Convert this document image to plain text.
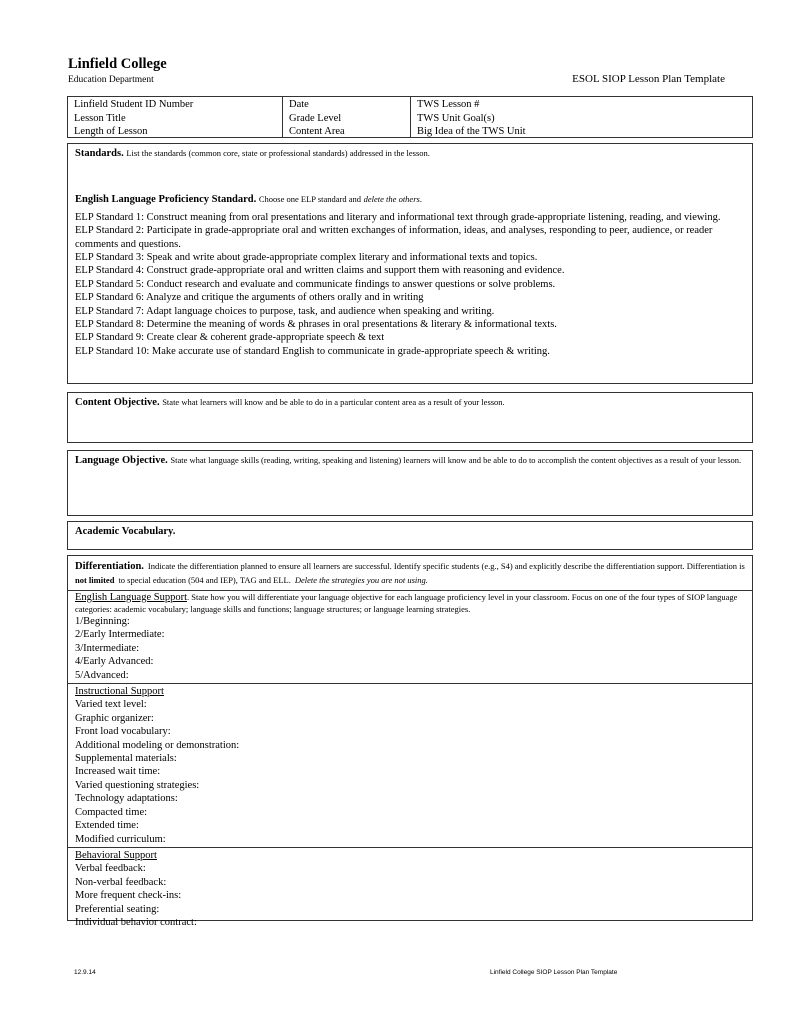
Linfield College
Education Department	ESOL SIOP Lesson Plan Template
Linfield Student ID Number
Lesson Title
Length of Lesson
Date
Grade Level
Content Area
TWS Lesson #
TWS Unit Goal(s)
Big Idea of the TWS Unit
Standards. List the standards (common core, state or professional standards) addressed in the lesson.
English Language Proficiency Standard. Choose one ELP standard and delete the others.
ELP Standard 1: Construct meaning from oral presentations and literary and informational text through grade-appropriate listening, reading, and viewing.
ELP Standard 2: Participate in grade-appropriate oral and written exchanges of information, ideas, and analyses, responding to peer, audience, or reader comments and questions.
ELP Standard 3: Speak and write about grade-appropriate complex literary and informational texts and topics.
ELP Standard 4: Construct grade-appropriate oral and written claims and support them with reasoning and evidence.
ELP Standard 5: Conduct research and evaluate and communicate findings to answer questions or solve problems.
ELP Standard 6: Analyze and critique the arguments of others orally and in writing
ELP Standard 7: Adapt language choices to purpose, task, and audience when speaking and writing.
ELP Standard 8: Determine the meaning of words & phrases in oral presentations & literary & informational texts.
ELP Standard 9: Create clear & coherent grade-appropriate speech & text
ELP Standard 10: Make accurate use of standard English to communicate in grade-appropriate speech & writing.
Content Objective. State what learners will know and be able to do in a particular content area as a result of your lesson.
Language Objective. State what language skills (reading, writing, speaking and listening) learners will know and be able to do to accomplish the content objectives as a result of your lesson.
Academic Vocabulary.
Differentiation. Indicate the differentiation planned to ensure all learners are successful. Identify specific students (e.g., S4) and explicitly describe the differentiation support. Differentiation is not limited to special education (504 and IEP), TAG and ELL. Delete the strategies you are not using.
English Language Support. State how you will differentiate your language objective for each language proficiency level in your classroom. Focus on one of the four types of SIOP language categories: academic vocabulary; language skills and functions; language structures; or language learning strategies.
1/Beginning:
2/Early Intermediate:
3/Intermediate:
4/Early Advanced:
5/Advanced:
Instructional Support
Varied text level:
Graphic organizer:
Front load vocabulary:
Additional modeling or demonstration:
Supplemental materials:
Increased wait time:
Varied questioning strategies:
Technology adaptations:
Compacted time:
Extended time:
Modified curriculum:
Behavioral Support
Verbal feedback:
Non-verbal feedback:
More frequent check-ins:
Preferential seating:
Individual behavior contract:
12.9.14	Linfield College SIOP Lesson Plan Template
